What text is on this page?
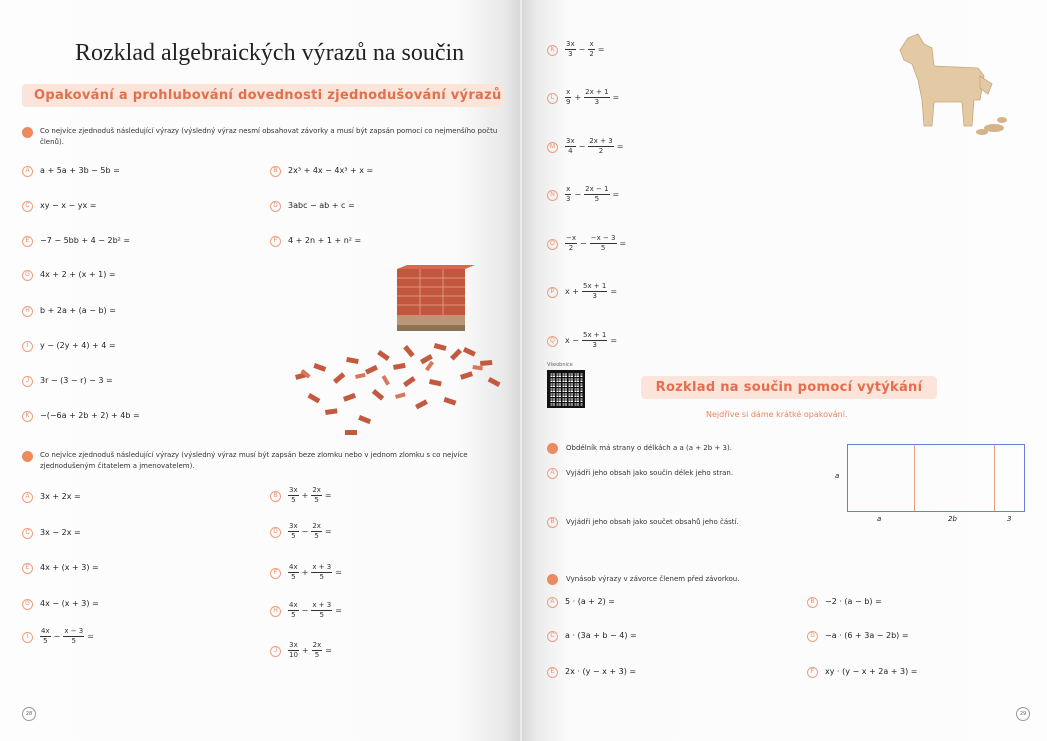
Rozklad algebraických výrazů na součin
Opakování a prohlubování dovednosti zjednodušování výrazů
Co nejvíce zjednoduš následující výrazy (výsledný výraz nesmí obsahovat závorky a musí být zapsán pomocí co nejmenšího počtu členů).
A	a + 5a + 3b − 5b =
C	xy − x − yx =
E	−7 − 5bb + 4 − 2b² =
G	4x + 2 + (x + 1) =
H	b + 2a + (a − b) =
I	y − (2y + 4) + 4 =
J	3r − (3 − r) − 3 =
K	−(−6a + 2b + 2) + 4b =
B	2x³ + 4x − 4x³ + x =
D	3abc − ab + c =
F	4 + 2n + 1 + n² =
Co nejvíce zjednoduš následující výrazy (výsledný výraz musí být zapsán beze zlomku nebo v jednom zlomku s co nejvíce zjednodušeným čitatelem a jmenovatelem).
A	3x + 2x =
C	3x − 2x =
E	4x + (x + 3) =
G	4x − (x + 3) =
I	$\frac{4x}{5} - \frac{x - 3}{5}$ =
B	$\frac{3x}{5} + \frac{2x}{5}$ =
D	$\frac{3x}{5} - \frac{2x}{5}$ =
F	$\frac{4x}{5} + \frac{x + 3}{5}$ =
H	$\frac{4x}{5} - \frac{x + 3}{5}$ =
J	$\frac{3x}{10} + \frac{2x}{5}$ =
28
K	$\frac{3x}{3} - \frac{x}{2}$ =
L	$\frac{x}{9} + \frac{2x + 1}{3}$ =
M	$\frac{3x}{4} - \frac{2x + 3}{2}$ =
N	$\frac{x}{3} - \frac{2x - 1}{5}$ =
O	$\frac{-x}{2} - \frac{-x - 3}{5}$ =
P	$x + \frac{5x + 1}{3}$ =
Q	$x - \frac{5x + 1}{3}$ =
Všeobnice
Rozklad na součin pomocí vytýkání
Nejdříve si dáme krátké opakování.
Obdélník má strany o délkách a a (a + 2b + 3).
A	Vyjádři jeho obsah jako součin délek jeho stran.
B	Vyjádři jeho obsah jako součet obsahů jeho částí.
a
a	2b	3
Vynásob výrazy v závorce členem před závorkou.
A	5 · (a + 2) =	B	−2 · (a − b) =
C	a · (3a + b − 4) =	D	−a · (6 + 3a − 2b) =
E	2x · (y − x + 3) =	F	xy · (y − x + 2a + 3) =
29
